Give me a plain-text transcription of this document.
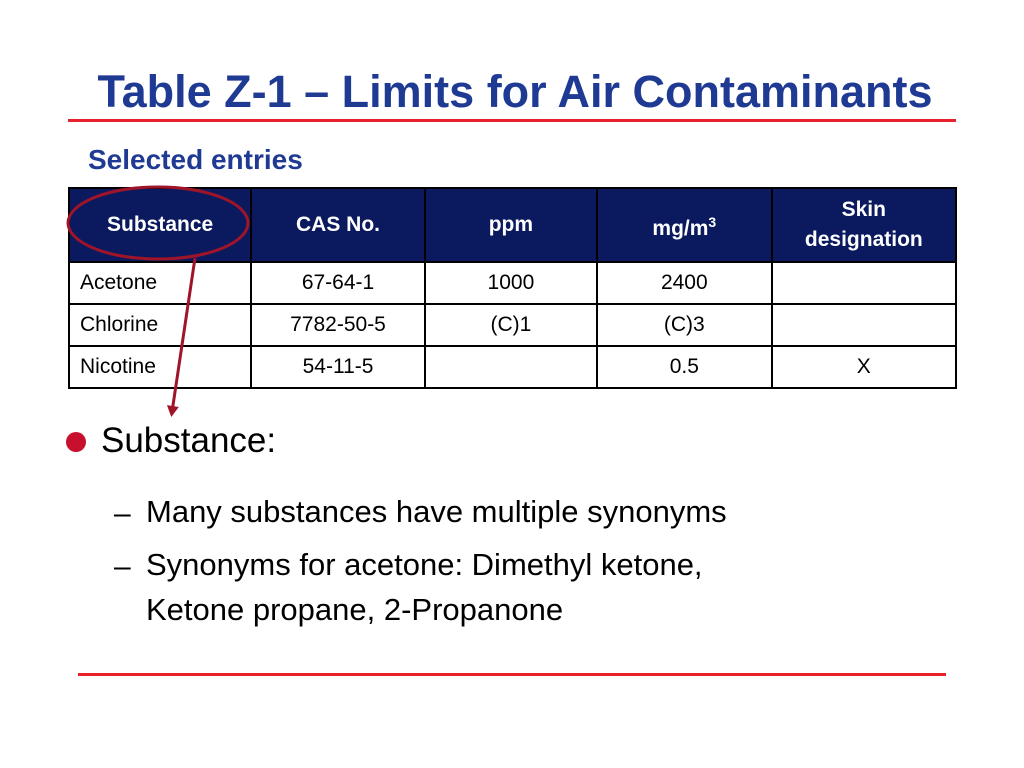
Table Z-1 – Limits for Air Contaminants
Selected entries
Substance	CAS No.	ppm	$mg/m^3$	Skin
designation
Acetone	67-64-1	1000	2400	
Chlorine	7782-50-5	(C)1	(C)3	
Nicotine	54-11-5		0.5	X
Substance:
– Many substances have multiple synonyms
– Synonyms for acetone: Dimethyl ketone,
Ketone propane, 2-Propanone
